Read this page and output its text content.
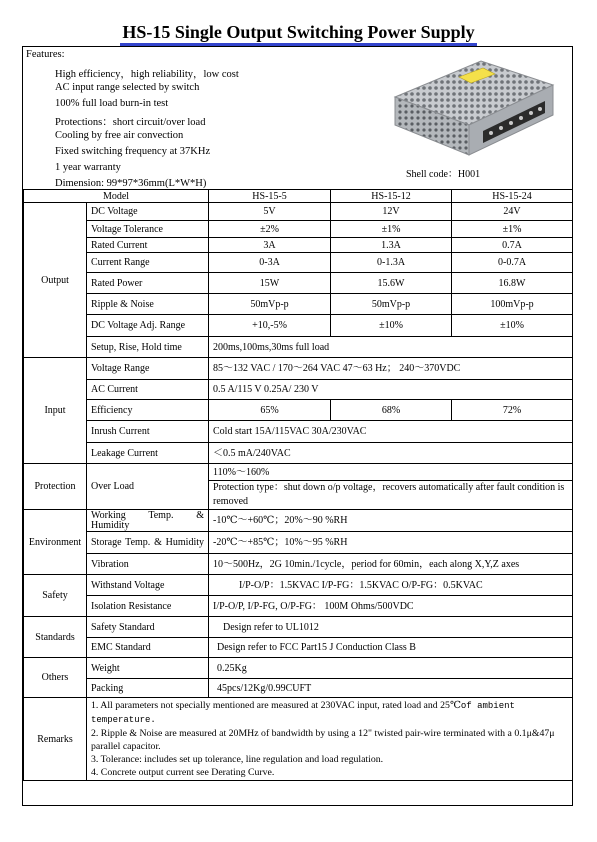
HS-15 Single Output Switching Power Supply
Features:
High efficiency，high reliability，low cost
AC input range selected by switch
100% full load burn-in test
Protections：short circuit/over load
Cooling by free air convection
Fixed switching frequency at 37KHz
1 year warranty
Dimension: 99*97*36mm(L*W*H)
Shell code：H001
Model		HS-15-5	HS-15-12	HS-15-24
Output	DC Voltage	5V	12V	24V
	Voltage Tolerance	±2%	±1%	±1%
	Rated Current	3A	1.3A	0.7A
	Current Range	0-3A	0-1.3A	0-0.7A
	Rated Power	15W	15.6W	16.8W
	Ripple & Noise	50mVp-p	50mVp-p	100mVp-p
	DC Voltage Adj. Range	+10,-5%	±10%	±10%
	Setup, Rise, Hold time	200ms,100ms,30ms full load		
Input	Voltage Range	85～132 VAC / 170～264 VAC 47～63 Hz； 240～370VDC		
	AC Current	0.5 A/115 V 0.25A/ 230 V		
	Efficiency	65%	68%	72%
	Inrush Current	Cold start 15A/115VAC 30A/230VAC		
	Leakage Current	＜0.5 mA/240VAC		
Protection	Over Load	110%～160%		
		Protection type：shut down o/p voltage，recovers automatically after fault condition is removed		
Environment	Working Temp. & Humidity	-10℃～+60℃；20%～90 %RH		
	Storage Temp. & Humidity	-20℃～+85℃；10%～95 %RH		
	Vibration	10～500Hz，2G 10min./1cycle，period for 60min，each along X,Y,Z axes		
Safety	Withstand Voltage	I/P-O/P：1.5KVAC I/P-FG：1.5KVAC O/P-FG：0.5KVAC		
	Isolation Resistance	I/P-O/P, I/P-FG, O/P-FG： 100M Ohms/500VDC		
Standards	Safety Standard	Design refer to UL1012		
	EMC Standard	Design refer to FCC Part15 J Conduction Class B		
Others	Weight	0.25Kg		
	Packing	45pcs/12Kg/0.99CUFT		
Remarks	1. All parameters not specially mentioned are measured at 230VAC input, rated load and 25℃of ambient temperature.
2. Ripple & Noise are measured at 20MHz of bandwidth by using a 12" twisted pair-wire terminated with a 0.1μ&47μ parallel capacitor.
3. Tolerance: includes set up tolerance, line regulation and load regulation.
4. Concrete output current see Derating Curve.			
